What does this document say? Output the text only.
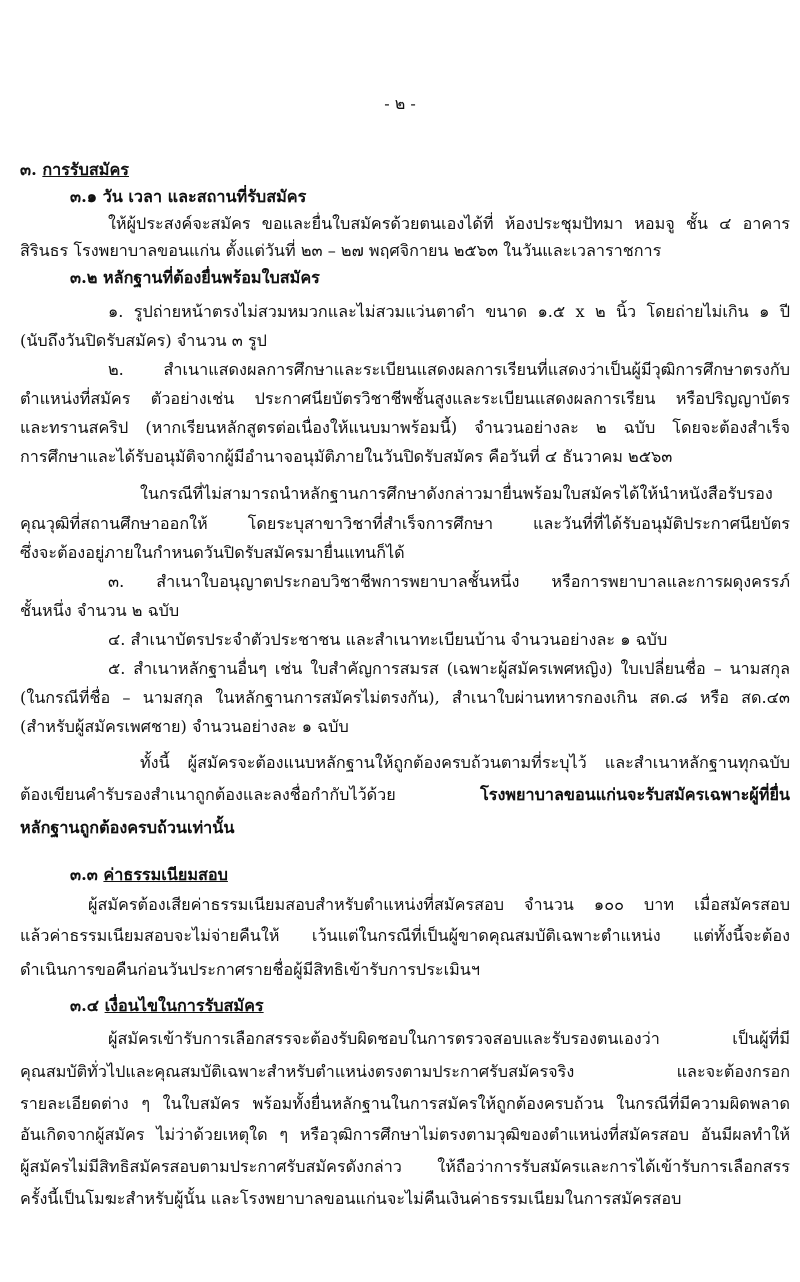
- ๒ -
๓. การรับสมัคร
๓.๑ วัน เวลา และสถานที่รับสมัคร
ให้ผู้ประสงค์จะสมัคร ขอและยื่นใบสมัครด้วยตนเองได้ที่ ห้องประชุมปัทมา หอมจู ชั้น ๔ อาคาร
สิรินธร โรงพยาบาลขอนแก่น ตั้งแต่วันที่ ๒๓ – ๒๗ พฤศจิกายน ๒๕๖๓ ในวันและเวลาราชการ
๓.๒ หลักฐานที่ต้องยื่นพร้อมใบสมัคร
๑. รูปถ่ายหน้าตรงไม่สวมหมวกและไม่สวมแว่นตาดำ ขนาด ๑.๕ x ๒ นิ้ว โดยถ่ายไม่เกิน ๑ ปี
(นับถึงวันปิดรับสมัคร) จำนวน ๓ รูป
๒. สำเนาแสดงผลการศึกษาและระเบียนแสดงผลการเรียนที่แสดงว่าเป็นผู้มีวุฒิการศึกษาตรงกับ
ตำแหน่งที่สมัคร ตัวอย่างเช่น ประกาศนียบัตรวิชาชีพชั้นสูงและระเบียนแสดงผลการเรียน หรือปริญญาบัตร
และทรานสคริป (หากเรียนหลักสูตรต่อเนื่องให้แนบมาพร้อมนี้) จำนวนอย่างละ ๒ ฉบับ โดยจะต้องสำเร็จ
การศึกษาและได้รับอนุมัติจากผู้มีอำนาจอนุมัติภายในวันปิดรับสมัคร คือวันที่ ๔ ธันวาคม ๒๕๖๓
ในกรณีที่ไม่สามารถนำหลักฐานการศึกษาดังกล่าวมายื่นพร้อมใบสมัครได้ให้นำหนังสือรับรอง
คุณวุฒิที่สถานศึกษาออกให้ โดยระบุสาขาวิชาที่สำเร็จการศึกษา และวันที่ที่ได้รับอนุมัติประกาศนียบัตร
ซึ่งจะต้องอยู่ภายในกำหนดวันปิดรับสมัครมายื่นแทนก็ได้
๓. สำเนาใบอนุญาตประกอบวิชาชีพการพยาบาลชั้นหนึ่ง หรือการพยาบาลและการผดุงครรภ์
ชั้นหนึ่ง จำนวน ๒ ฉบับ
๔. สำเนาบัตรประจำตัวประชาชน และสำเนาทะเบียนบ้าน จำนวนอย่างละ ๑ ฉบับ
๕. สำเนาหลักฐานอื่นๆ เช่น ใบสำคัญการสมรส (เฉพาะผู้สมัครเพศหญิง) ใบเปลี่ยนชื่อ – นามสกุล
(ในกรณีที่ชื่อ – นามสกุล ในหลักฐานการสมัครไม่ตรงกัน), สำเนาใบผ่านทหารกองเกิน สด.๘ หรือ สด.๔๓
(สำหรับผู้สมัครเพศชาย) จำนวนอย่างละ ๑ ฉบับ
ทั้งนี้ ผู้สมัครจะต้องแนบหลักฐานให้ถูกต้องครบถ้วนตามที่ระบุไว้ และสำเนาหลักฐานทุกฉบับ
ต้องเขียนคำรับรองสำเนาถูกต้องและลงชื่อกำกับไว้ด้วย โรงพยาบาลขอนแก่นจะรับสมัครเฉพาะผู้ที่ยื่น
หลักฐานถูกต้องครบถ้วนเท่านั้น
๓.๓ ค่าธรรมเนียมสอบ
ผู้สมัครต้องเสียค่าธรรมเนียมสอบสำหรับตำแหน่งที่สมัครสอบ จำนวน ๑๐๐ บาท เมื่อสมัครสอบ
แล้วค่าธรรมเนียมสอบจะไม่จ่ายคืนให้ เว้นแต่ในกรณีที่เป็นผู้ขาดคุณสมบัติเฉพาะตำแหน่ง แต่ทั้งนี้จะต้อง
ดำเนินการขอคืนก่อนวันประกาศรายชื่อผู้มีสิทธิเข้ารับการประเมินฯ
๓.๔ เงื่อนไขในการรับสมัคร
ผู้สมัครเข้ารับการเลือกสรรจะต้องรับผิดชอบในการตรวจสอบและรับรองตนเองว่า เป็นผู้ที่มี
คุณสมบัติทั่วไปและคุณสมบัติเฉพาะสำหรับตำแหน่งตรงตามประกาศรับสมัครจริง และจะต้องกรอก
รายละเอียดต่าง ๆ ในใบสมัคร พร้อมทั้งยื่นหลักฐานในการสมัครให้ถูกต้องครบถ้วน ในกรณีที่มีความผิดพลาด
อันเกิดจากผู้สมัคร ไม่ว่าด้วยเหตุใด ๆ หรือวุฒิการศึกษาไม่ตรงตามวุฒิของตำแหน่งที่สมัครสอบ อันมีผลทำให้
ผู้สมัครไม่มีสิทธิสมัครสอบตามประกาศรับสมัครดังกล่าว ให้ถือว่าการรับสมัครและการได้เข้ารับการเลือกสรร
ครั้งนี้เป็นโมฆะสำหรับผู้นั้น และโรงพยาบาลขอนแก่นจะไม่คืนเงินค่าธรรมเนียมในการสมัครสอบ
